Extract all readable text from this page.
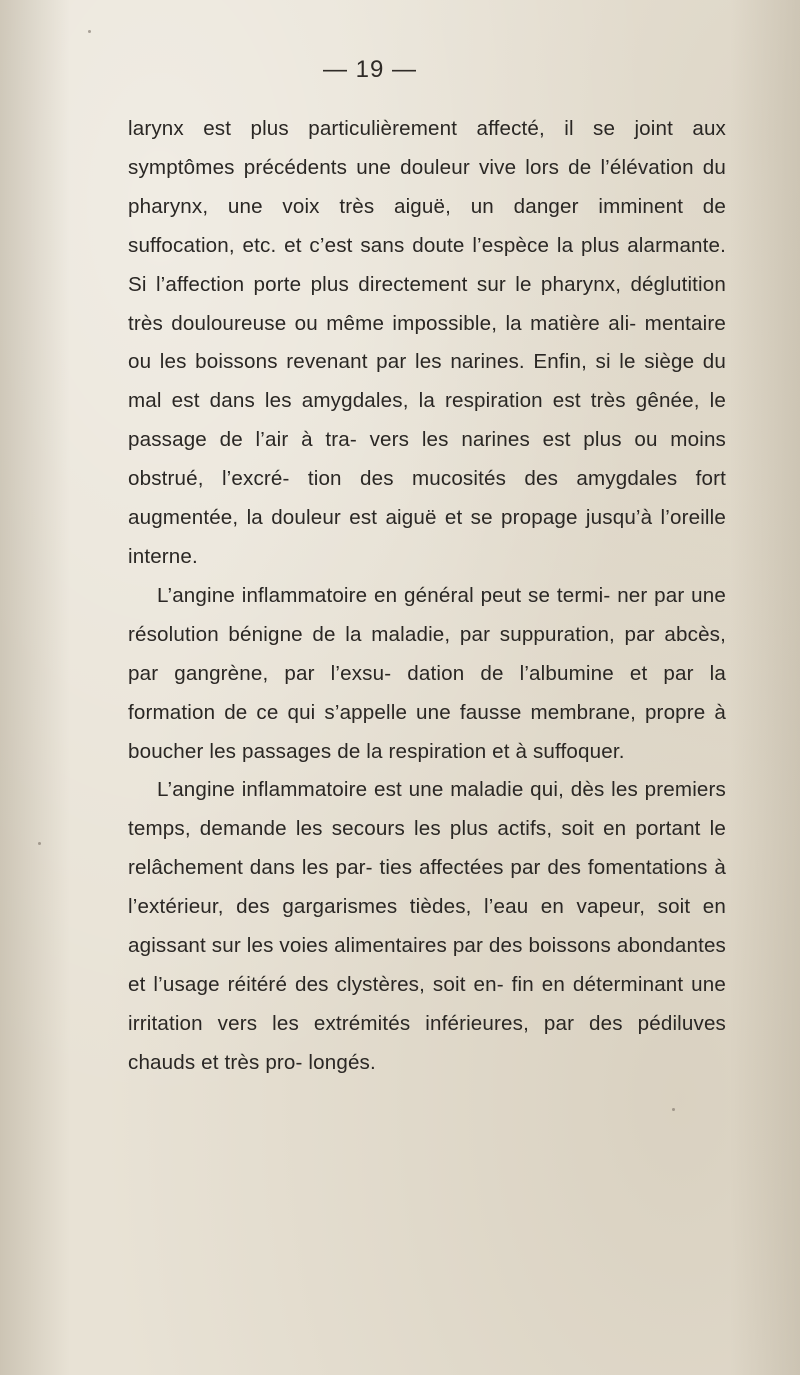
— 19 —

larynx est plus particulièrement affecté, il se joint aux symptômes précédents une douleur vive lors de l’élévation du pharynx, une voix très aiguë, un danger imminent de suffocation, etc. et c’est sans doute l’espèce la plus alarmante. Si l’affection porte plus directement sur le pharynx, déglutition très douloureuse ou même impossible, la matière ali- mentaire ou les boissons revenant par les narines. Enfin, si le siège du mal est dans les amygdales, la respiration est très gênée, le passage de l’air à tra- vers les narines est plus ou moins obstrué, l’excré- tion des mucosités des amygdales fort augmentée, la douleur est aiguë et se propage jusqu’à l’oreille interne.

L’angine inflammatoire en général peut se termi- ner par une résolution bénigne de la maladie, par suppuration, par abcès, par gangrène, par l’exsu- dation de l’albumine et par la formation de ce qui s’appelle une fausse membrane, propre à boucher les passages de la respiration et à suffoquer.

L’angine inflammatoire est une maladie qui, dès les premiers temps, demande les secours les plus actifs, soit en portant le relâchement dans les par- ties affectées par des fomentations à l’extérieur, des gargarismes tièdes, l’eau en vapeur, soit en agissant sur les voies alimentaires par des boissons abondantes et l’usage réitéré des clystères, soit en- fin en déterminant une irritation vers les extrémités inférieures, par des pédiluves chauds et très pro- longés.
